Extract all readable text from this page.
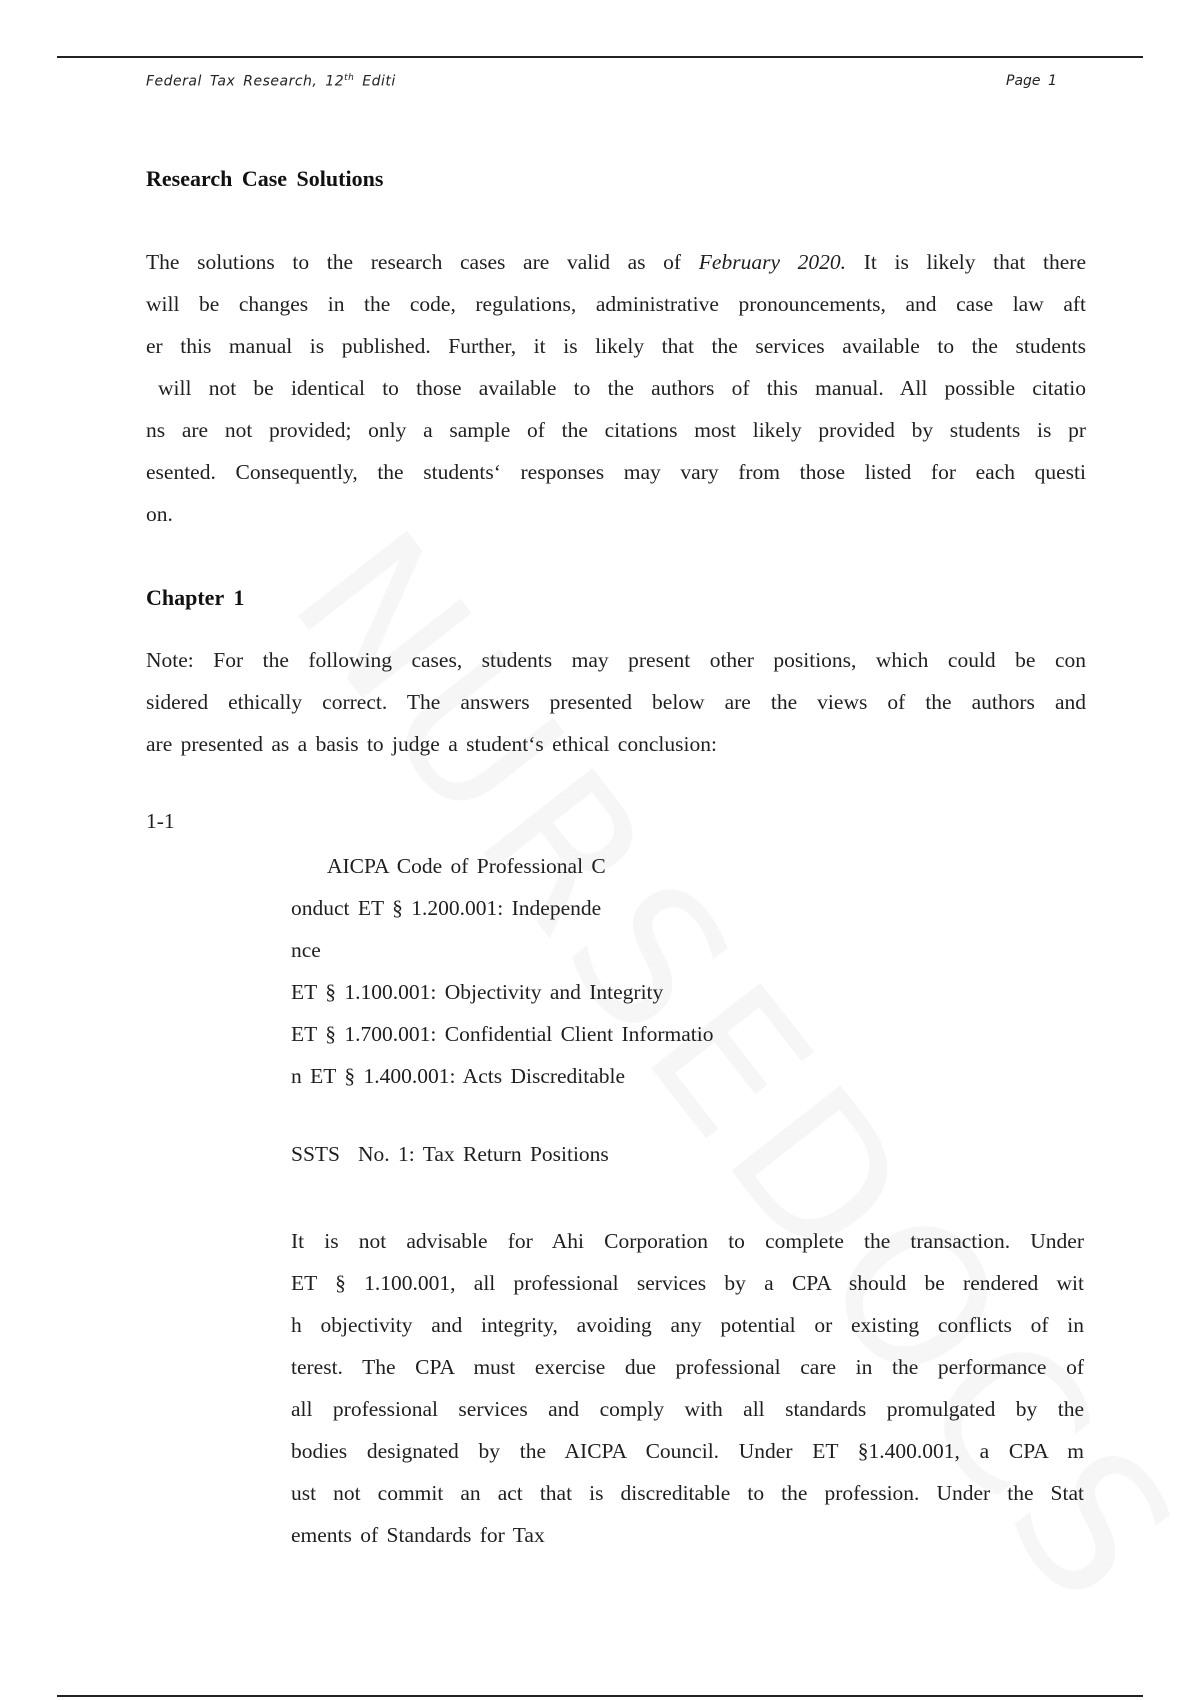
Federal Tax Research, 12th Editi	Page 1
Research Case Solutions
The solutions to the research cases are valid as of February 2020. It is likely that there
will be changes in the code, regulations, administrative pronouncements, and case law aft
er this manual is published. Further, it is likely that the services available to the students
will not be identical to those available to the authors of this manual. All possible citatio
ns are not provided; only a sample of the citations most likely provided by students is pr
esented. Consequently, the students‘ responses may vary from those listed for each questi
on.
Chapter 1
Note: For the following cases, students may present other positions, which could be con
sidered ethically correct. The answers presented below are the views of the authors and
are presented as a basis to judge a student‘s ethical conclusion:
1-1
AICPA Code of Professional C
onduct ET § 1.200.001: Independe
nce
ET § 1.100.001: Objectivity and Integrity
ET § 1.700.001: Confidential Client Informatio
n ET § 1.400.001: Acts Discreditable
SSTS No. 1: Tax Return Positions
It is not advisable for Ahi Corporation to complete the transaction. Under
ET § 1.100.001, all professional services by a CPA should be rendered wit
h objectivity and integrity, avoiding any potential or existing conflicts of in
terest. The CPA must exercise due professional care in the performance of
all professional services and comply with all standards promulgated by the
bodies designated by the AICPA Council. Under ET §1.400.001, a CPA m
ust not commit an act that is discreditable to the profession. Under the Stat
ements of Standards for Tax
